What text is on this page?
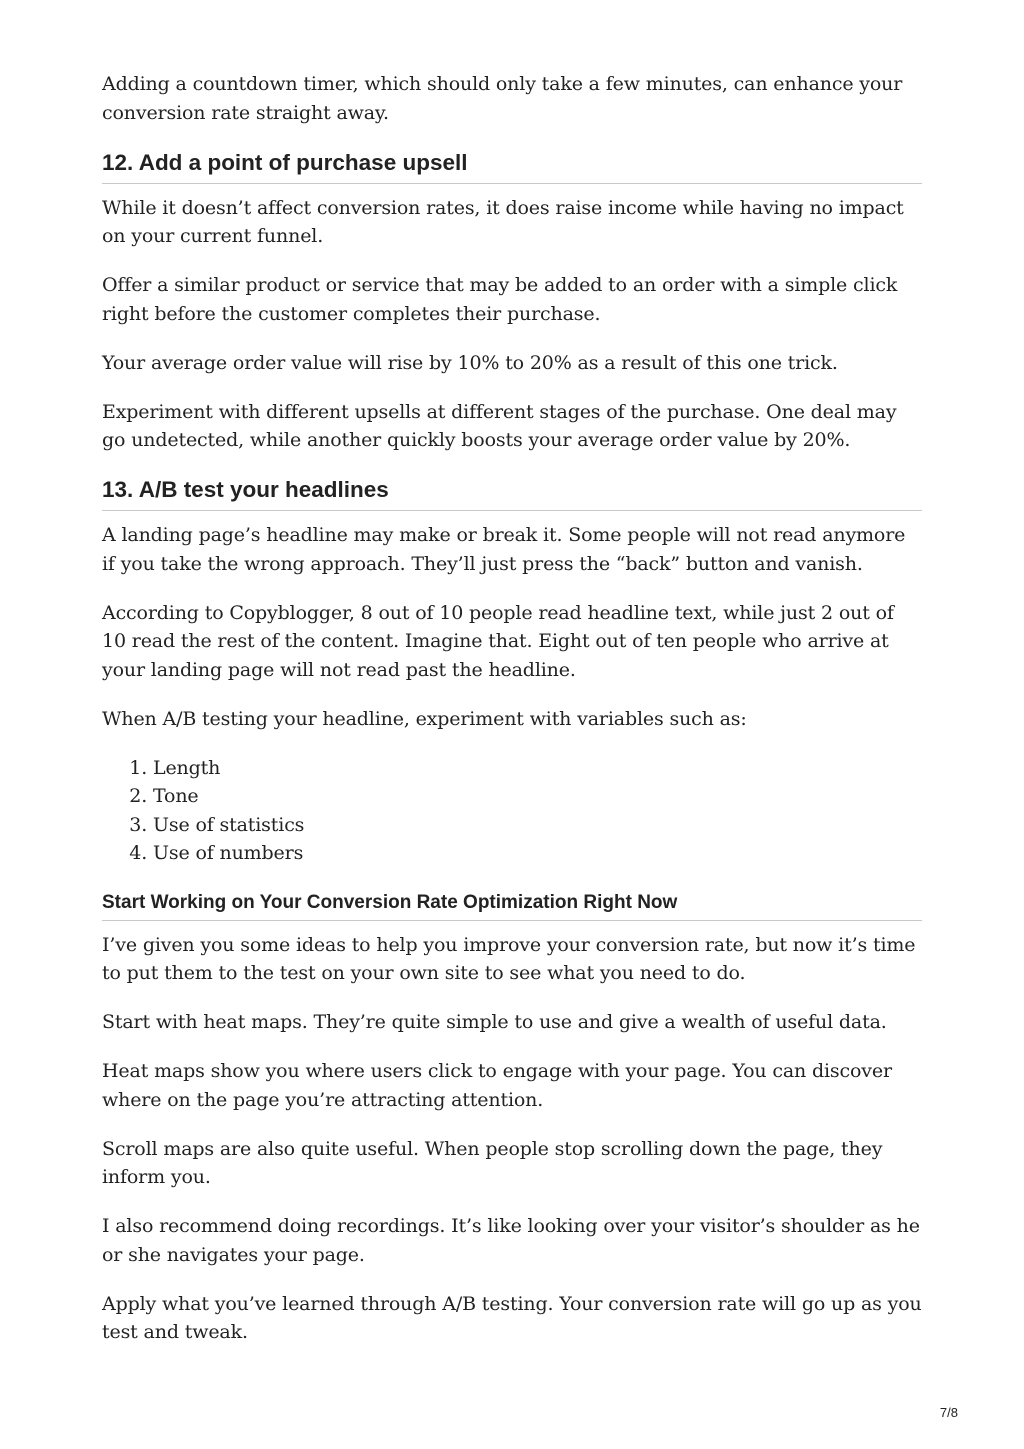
Adding a countdown timer, which should only take a few minutes, can enhance your conversion rate straight away.

12. Add a point of purchase upsell

While it doesn’t affect conversion rates, it does raise income while having no impact on your current funnel.

Offer a similar product or service that may be added to an order with a simple click right before the customer completes their purchase.

Your average order value will rise by 10% to 20% as a result of this one trick.

Experiment with different upsells at different stages of the purchase. One deal may go undetected, while another quickly boosts your average order value by 20%.

13. A/B test your headlines

A landing page’s headline may make or break it. Some people will not read anymore if you take the wrong approach. They’ll just press the “back” button and vanish.

According to Copyblogger, 8 out of 10 people read headline text, while just 2 out of 10 read the rest of the content. Imagine that. Eight out of ten people who arrive at your landing page will not read past the headline.

When A/B testing your headline, experiment with variables such as:

1. Length
2. Tone
3. Use of statistics
4. Use of numbers
Start Working on Your Conversion Rate Optimization Right Now

I’ve given you some ideas to help you improve your conversion rate, but now it’s time to put them to the test on your own site to see what you need to do.

Start with heat maps. They’re quite simple to use and give a wealth of useful data.

Heat maps show you where users click to engage with your page. You can discover where on the page you’re attracting attention.

Scroll maps are also quite useful. When people stop scrolling down the page, they inform you.

I also recommend doing recordings. It’s like looking over your visitor’s shoulder as he or she navigates your page.

Apply what you’ve learned through A/B testing. Your conversion rate will go up as you test and tweak.

7/8
